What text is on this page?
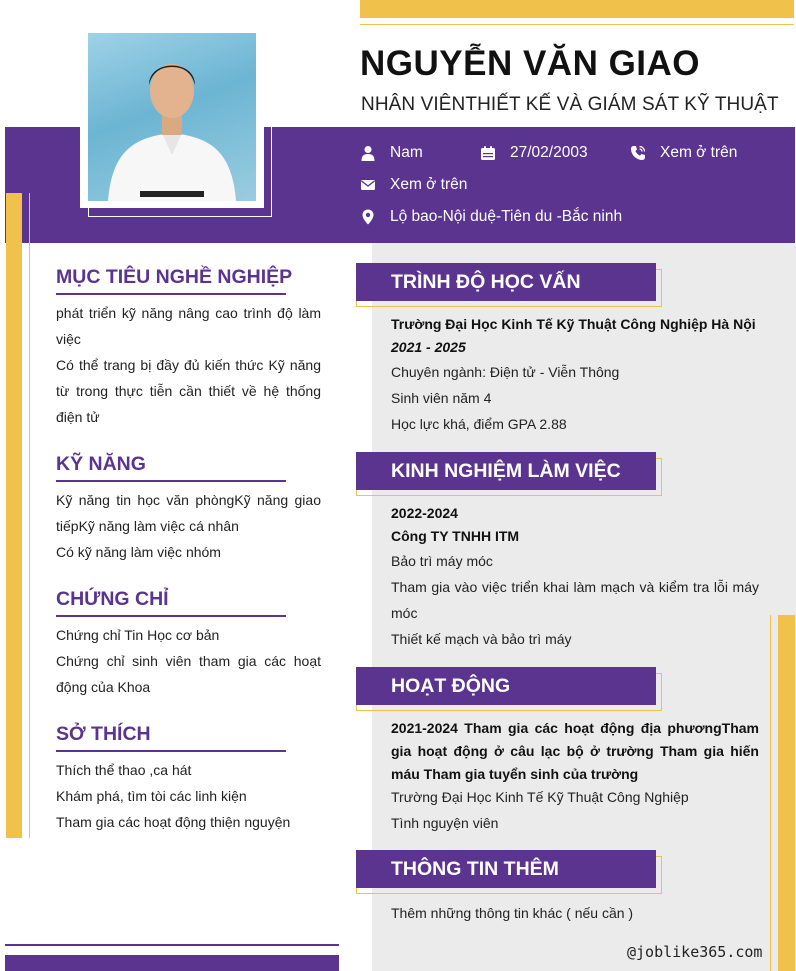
NGUYỄN VĂN GIAO
NHÂN VIÊNTHIẾT KẾ VÀ GIÁM SÁT KỸ THUẬT
Nam	27/02/2003	Xem ở trên
Xem ở trên
Lộ bao-Nội duệ-Tiên du -Bắc ninh
MỤC TIÊU NGHỀ NGHIỆP
phát triển kỹ năng nâng cao trình độ làm việc
Có thể trang bị đầy đủ kiến thức Kỹ năng từ trong thực tiễn cần thiết về hệ thống điện tử
KỸ NĂNG
Kỹ năng tin học văn phòngKỹ năng giao tiếpKỹ năng làm việc cá nhân
Có kỹ năng làm việc nhóm
CHỨNG CHỈ
Chứng chỉ Tin Học cơ bản
Chứng chỉ sinh viên tham gia các hoạt động của Khoa
SỞ THÍCH
Thích thể thao ,ca hát
Khám phá, tìm tòi các linh kiện
Tham gia các hoạt động thiện nguyện
TRÌNH ĐỘ HỌC VẤN
Trường Đại Học Kinh Tế Kỹ Thuật Công Nghiệp Hà Nội
2021 - 2025
Chuyên ngành: Điện tử - Viễn Thông
Sinh viên năm 4
Học lực khá, điểm GPA 2.88
KINH NGHIỆM LÀM VIỆC
2022-2024
Công TY TNHH ITM
Bảo trì máy móc
Tham gia vào việc triển khai làm mạch và kiểm tra lỗi máy móc
Thiết kế mạch và bảo trì máy
HOẠT ĐỘNG
2021-2024 Tham gia các hoạt động địa phươngTham gia hoạt động ở câu lạc bộ ở trường Tham gia hiến máu Tham gia tuyển sinh của trường
Trường Đại Học Kinh Tế Kỹ Thuật Công Nghiệp
Tình nguyện viên
THÔNG TIN THÊM
Thêm những thông tin khác ( nếu cần )
@joblike365.com
